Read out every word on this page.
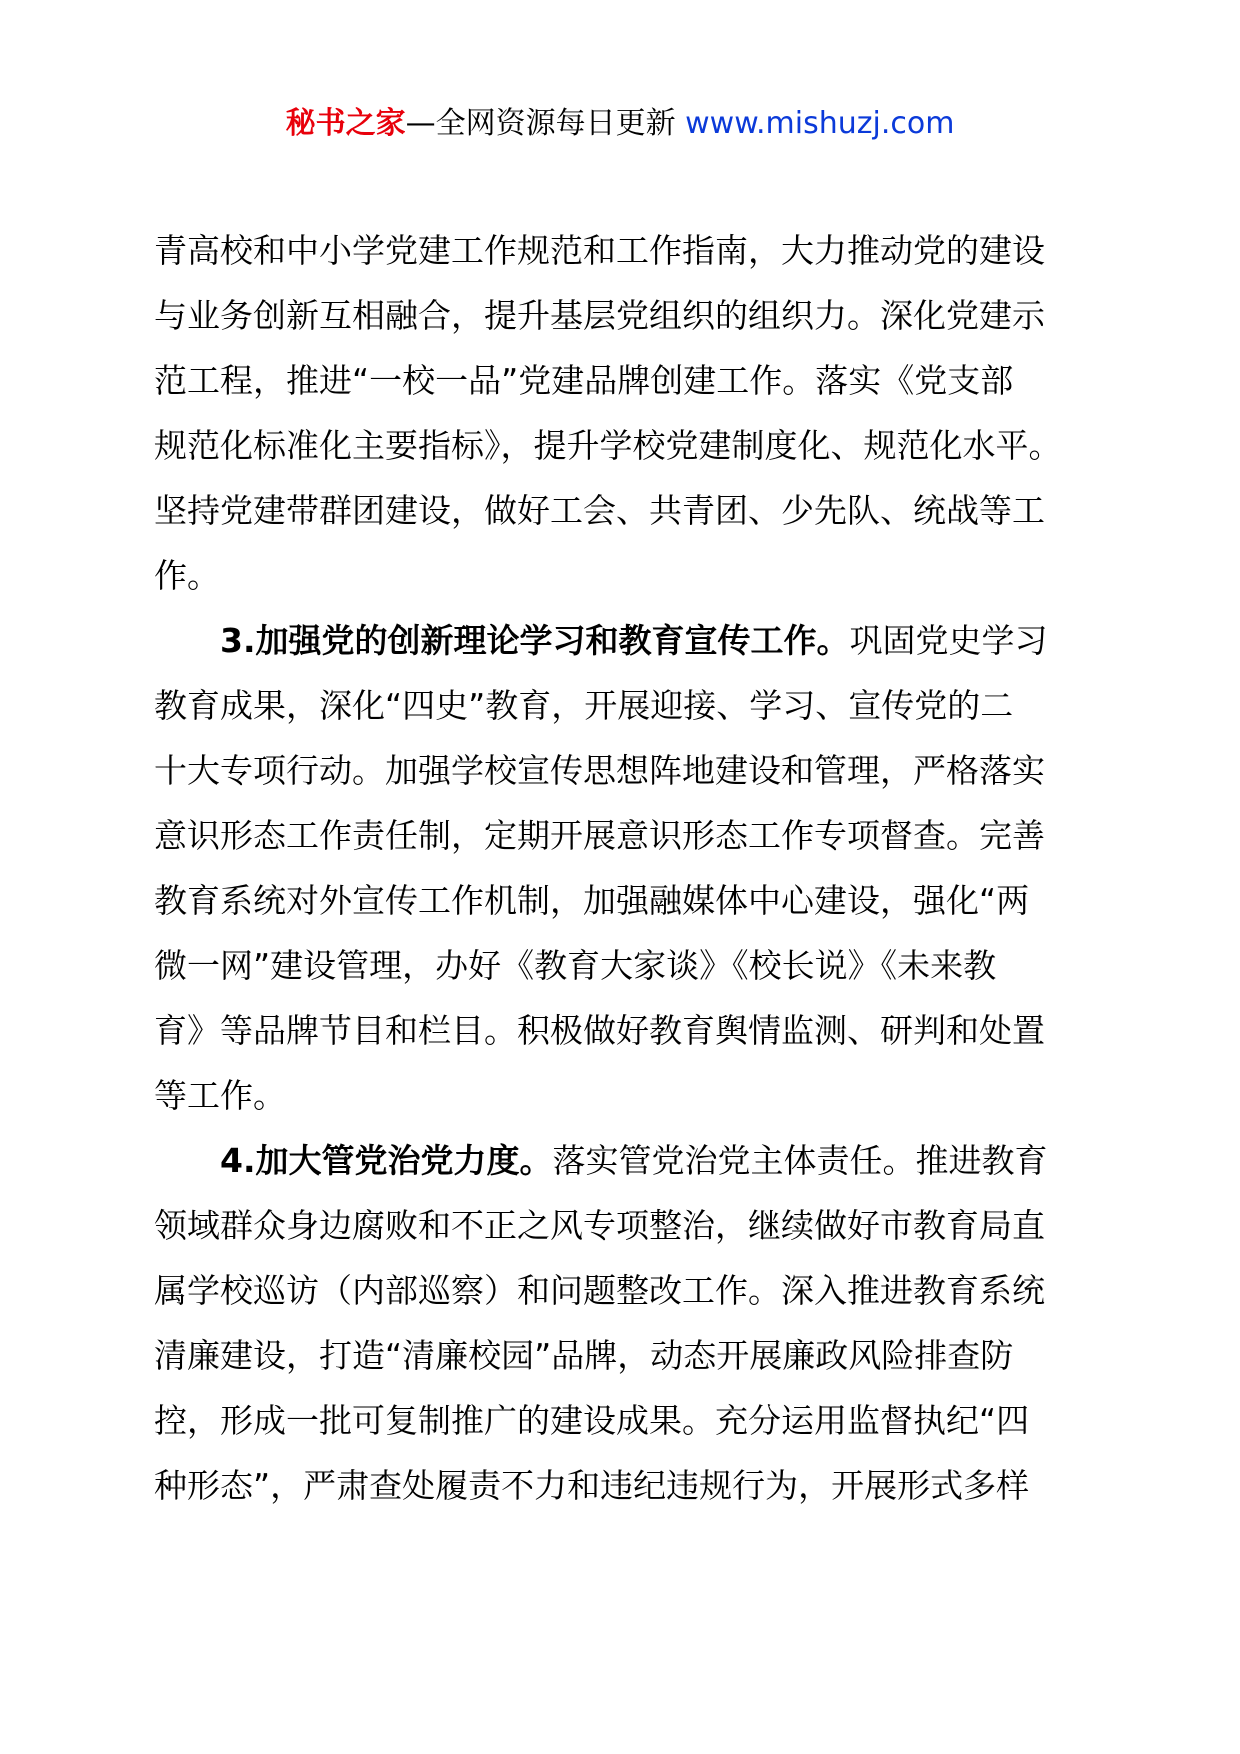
秘书之家—全网资源每日更新 www.mishuzj.com
青高校和中小学党建工作规范和工作指南，大力推动党的建设
与业务创新互相融合，提升基层党组织的组织力。深化党建示
范工程，推进“一校一品”党建品牌创建工作。落实《党支部
规范化标准化主要指标》，提升学校党建制度化、规范化水平。
坚持党建带群团建设，做好工会、共青团、少先队、统战等工
作。
3.加强党的创新理论学习和教育宣传工作。巩固党史学习
教育成果，深化“四史”教育，开展迎接、学习、宣传党的二
十大专项行动。加强学校宣传思想阵地建设和管理，严格落实
意识形态工作责任制，定期开展意识形态工作专项督查。完善
教育系统对外宣传工作机制，加强融媒体中心建设，强化“两
微一网”建设管理，办好《教育大家谈》《校长说》《未来教
育》等品牌节目和栏目。积极做好教育舆情监测、研判和处置
等工作。
4.加大管党治党力度。落实管党治党主体责任。推进教育
领域群众身边腐败和不正之风专项整治，继续做好市教育局直
属学校巡访（内部巡察）和问题整改工作。深入推进教育系统
清廉建设，打造“清廉校园”品牌，动态开展廉政风险排查防
控，形成一批可复制推广的建设成果。充分运用监督执纪“四
种形态”，严肃查处履责不力和违纪违规行为，开展形式多样
